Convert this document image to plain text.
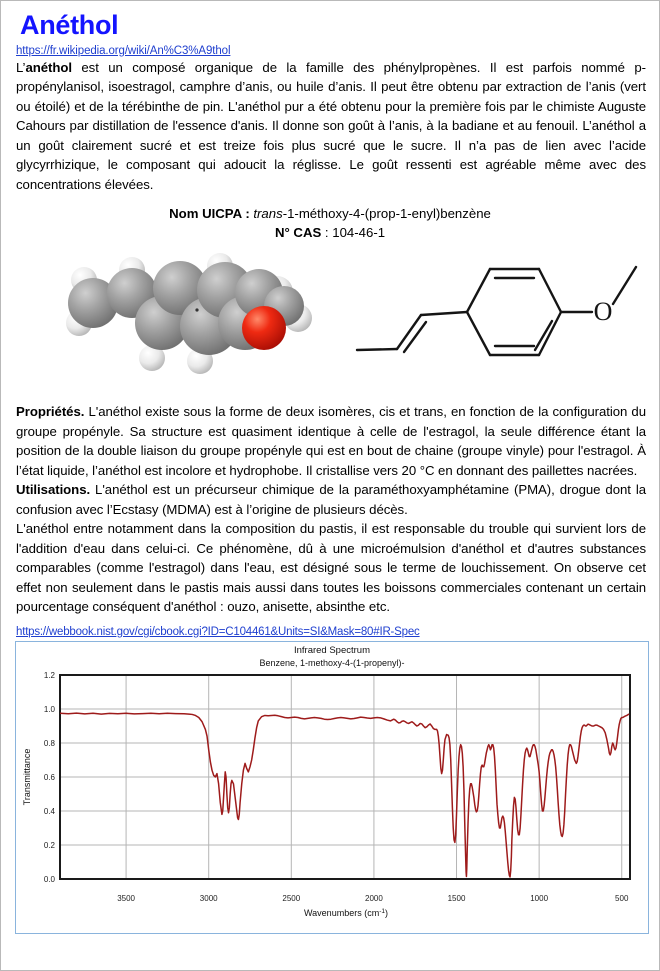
Anéthol
https://fr.wikipedia.org/wiki/An%C3%A9thol

L’anéthol est un composé organique de la famille des phénylpropènes. Il est parfois nommé p-propénylanisol, isoestragol, camphre d’anis, ou huile d’anis. Il peut être obtenu par extraction de l’anis (vert ou étoilé) et de la térébinthe de pin. L'anéthol pur a été obtenu pour la première fois par le chimiste Auguste Cahours par distillation de l'essence d'anis. Il donne son goût à l’anis, à la badiane et au fenouil. L’anéthol a un goût clairement sucré et est treize fois plus sucré que le sucre. Il n’a pas de lien avec l’acide glycyrrhizique, le composant qui adoucit la réglisse. Le goût ressenti est agréable même avec des concentrations élevées.

Nom UICPA : trans-1-méthoxy-4-(prop-1-enyl)benzène
N° CAS : 104-46-1
O

Propriétés. L'anéthol existe sous la forme de deux isomères, cis et trans, en fonction de la configuration du groupe propényle. Sa structure est quasiment identique à celle de l'estragol, la seule différence étant la position de la double liaison du groupe propényle qui est en bout de chaine (groupe vinyle) pour l'estragol. À l’état liquide, l’anéthol est incolore et hydrophobe. Il cristallise vers 20 °C en donnant des paillettes nacrées.

Utilisations. L'anéthol est un précurseur chimique de la paraméthoxyamphétamine (PMA), drogue dont la confusion avec l’Ecstasy (MDMA) est à l’origine de plusieurs décès.

L'anéthol entre notamment dans la composition du pastis, il est responsable du trouble qui survient lors de l'addition d'eau dans celui-ci. Ce phénomène, dû à une microémulsion d'anéthol et d'autres substances comparables (comme l'estragol) dans l'eau, est désigné sous le terme de louchissement. On observe cet effet non seulement dans le pastis mais aussi dans toutes les boissons commerciales contenant un certain pourcentage conséquent d'anéthol : ouzo, anisette, absinthe etc.

https://webbook.nist.gov/cgi/cbook.cgi?ID=C104461&Units=SI&Mask=80#IR-Spec
Infrared Spectrum
Benzene, 1-methoxy-4-(1-propenyl)-
0.0
0.2
0.4
0.6
0.8
1.0
1.2
3500	3000	2500	2000	1500	1000	500
Transmittance
Wavenumbers $(cm^{-1})$
